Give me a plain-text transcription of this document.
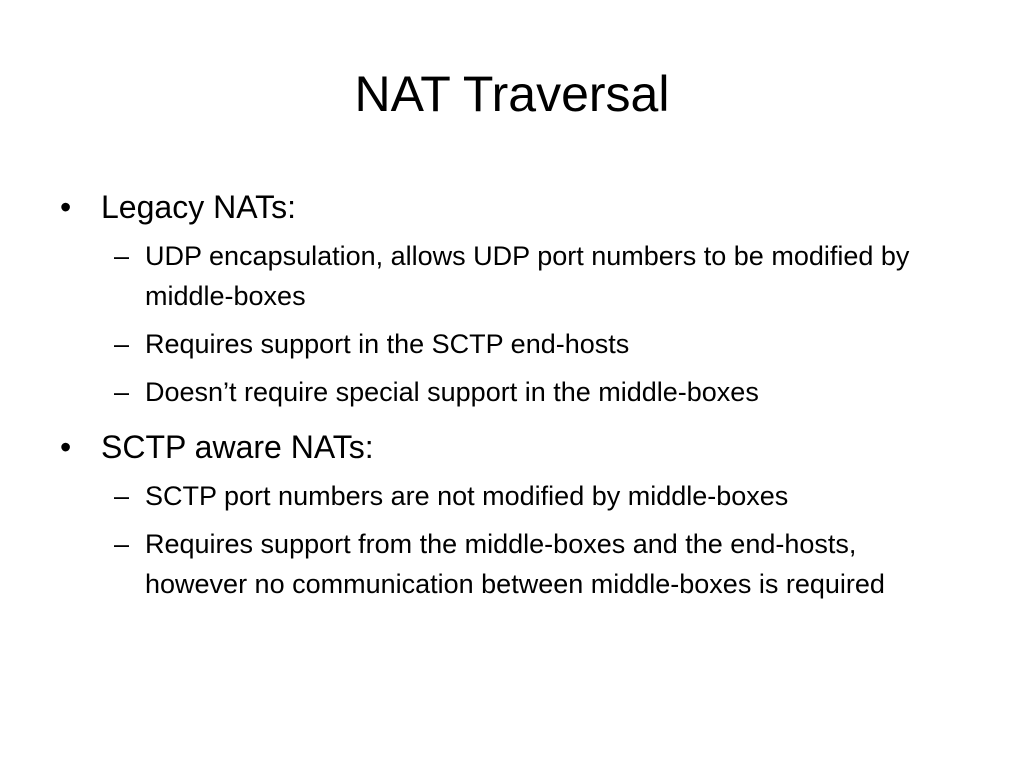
NAT Traversal
• Legacy NATs:
– UDP encapsulation, allows UDP port numbers to be modified by middle-boxes
– Requires support in the SCTP end-hosts
– Doesn’t require special support in the middle-boxes
• SCTP aware NATs:
– SCTP port numbers are not modified by middle-boxes
– Requires support from the middle-boxes and the end-hosts, however no communication between middle-boxes is required
